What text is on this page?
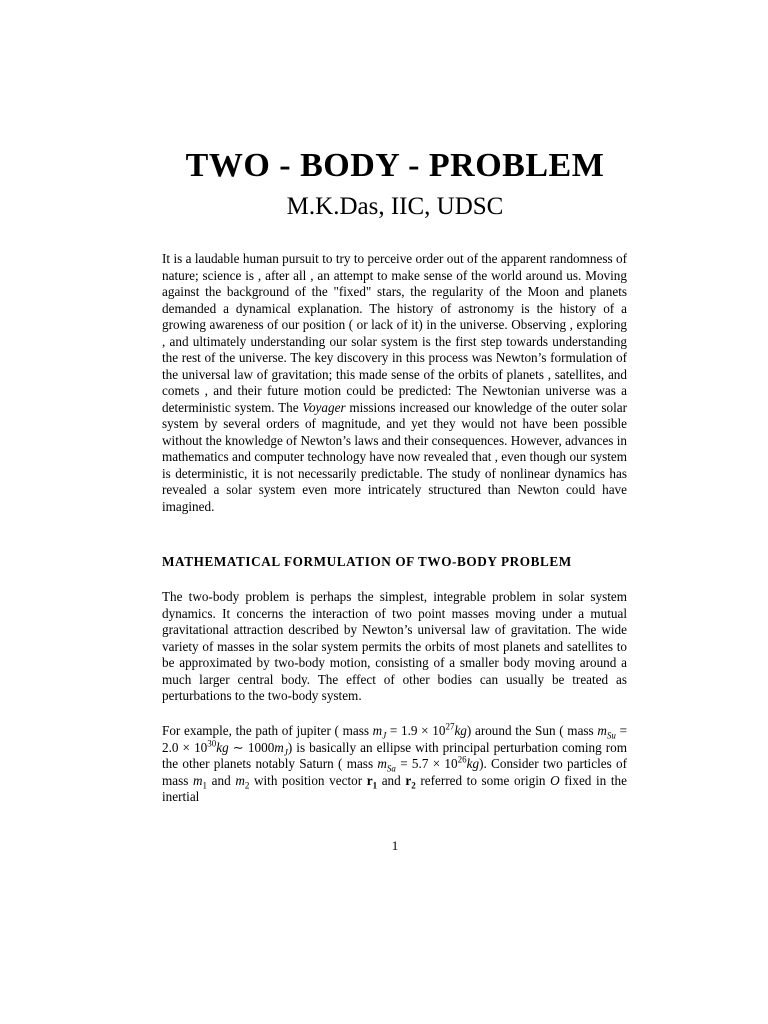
TWO - BODY - PROBLEM
M.K.Das, IIC, UDSC

It is a laudable human pursuit to try to perceive order out of the apparent randomness of nature; science is , after all , an attempt to make sense of the world around us. Moving against the background of the "fixed" stars, the regularity of the Moon and planets demanded a dynamical explanation. The history of astronomy is the history of a growing awareness of our position ( or lack of it) in the universe. Observing , exploring , and ultimately understanding our solar system is the first step towards understanding the rest of the universe. The key discovery in this process was Newton’s formulation of the universal law of gravitation; this made sense of the orbits of planets , satellites, and comets , and their future motion could be predicted: The Newtonian universe was a deterministic system. The Voyager missions increased our knowledge of the outer solar system by several orders of magnitude, and yet they would not have been possible without the knowledge of Newton’s laws and their consequences. However, advances in mathematics and computer technology have now revealed that , even though our system is deterministic, it is not necessarily predictable. The study of nonlinear dynamics has revealed a solar system even more intricately structured than Newton could have imagined.

MATHEMATICAL FORMULATION OF TWO-BODY PROBLEM

The two-body problem is perhaps the simplest, integrable problem in solar system dynamics. It concerns the interaction of two point masses moving under a mutual gravitational attraction described by Newton’s universal law of gravitation. The wide variety of masses in the solar system permits the orbits of most planets and satellites to be approximated by two-body motion, consisting of a smaller body moving around a much larger central body. The effect of other bodies can usually be treated as perturbations to the two-body system.

For example, the path of jupiter ( mass $m_J = 1.9 \times 10^{27}kg$) around the Sun ( mass $m_{Su} = 2.0 \times 10^{30}kg$ ∼ $1000m_J$) is basically an ellipse with principal perturbation coming rom the other planets notably Saturn ( mass $m_{Sa} = 5.7 \times 10^{26}kg$). Consider two particles of mass $m_1$ and $m_2$ with position vector $r_1$ and $r_2$ referred to some origin O fixed in the inertial

1
